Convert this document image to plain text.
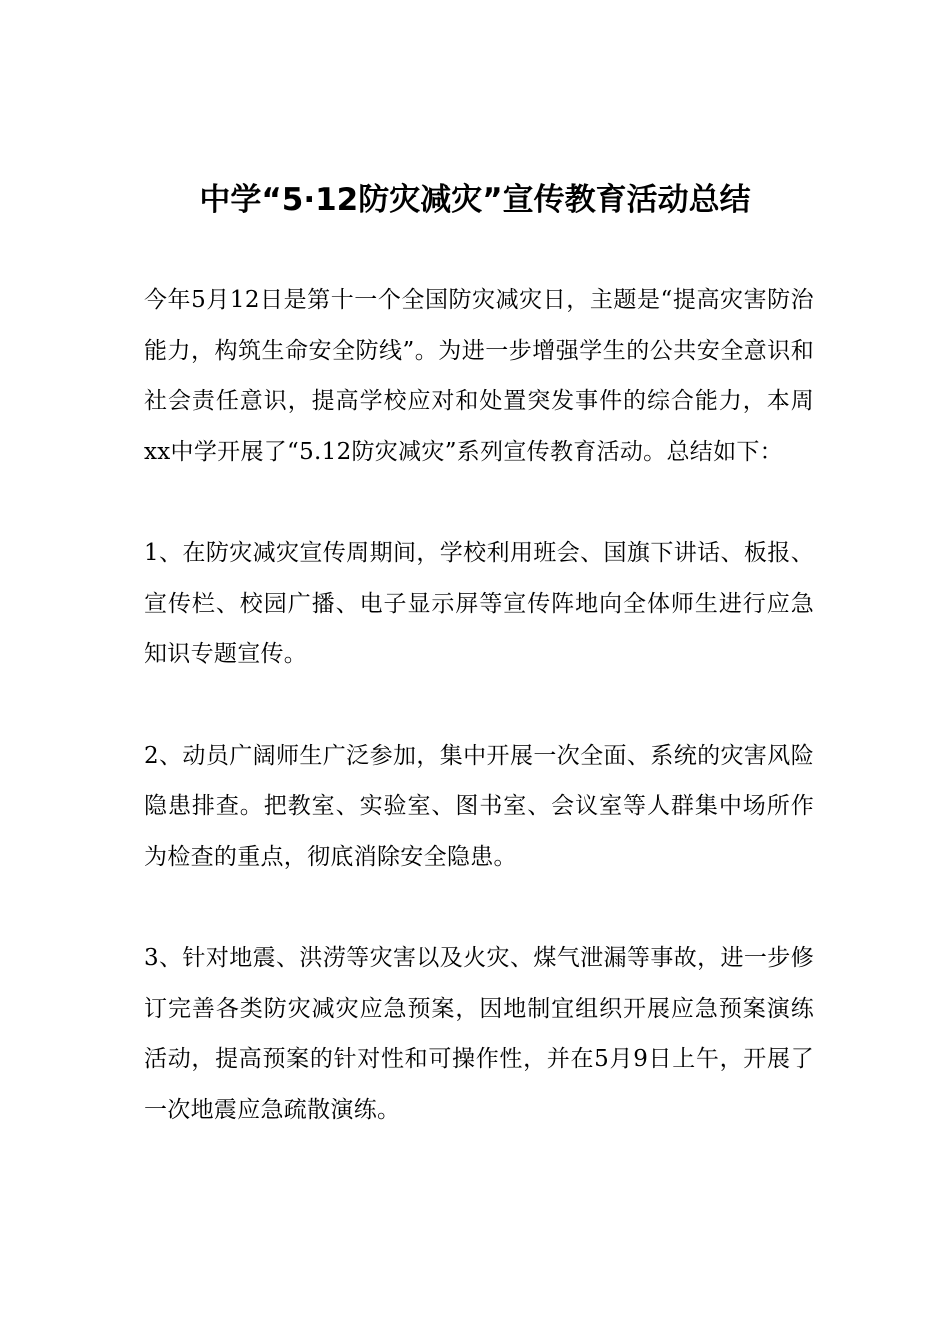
中学“5·12防灾减灾”宣传教育活动总结

今年5月12日是第十一个全国防灾减灾日，主题是“提高灾害防治能力，构筑生命安全防线”。为进一步增强学生的公共安全意识和社会责任意识，提高学校应对和处置突发事件的综合能力，本周xx中学开展了“5.12防灾减灾”系列宣传教育活动。总结如下：

1、在防灾减灾宣传周期间，学校利用班会、国旗下讲话、板报、宣传栏、校园广播、电子显示屏等宣传阵地向全体师生进行应急知识专题宣传。

2、动员广阔师生广泛参加，集中开展一次全面、系统的灾害风险隐患排查。把教室、实验室、图书室、会议室等人群集中场所作为检查的重点，彻底消除安全隐患。

3、针对地震、洪涝等灾害以及火灾、煤气泄漏等事故，进一步修订完善各类防灾减灾应急预案，因地制宜组织开展应急预案演练活动，提高预案的针对性和可操作性，并在5月9日上午，开展了一次地震应急疏散演练。
